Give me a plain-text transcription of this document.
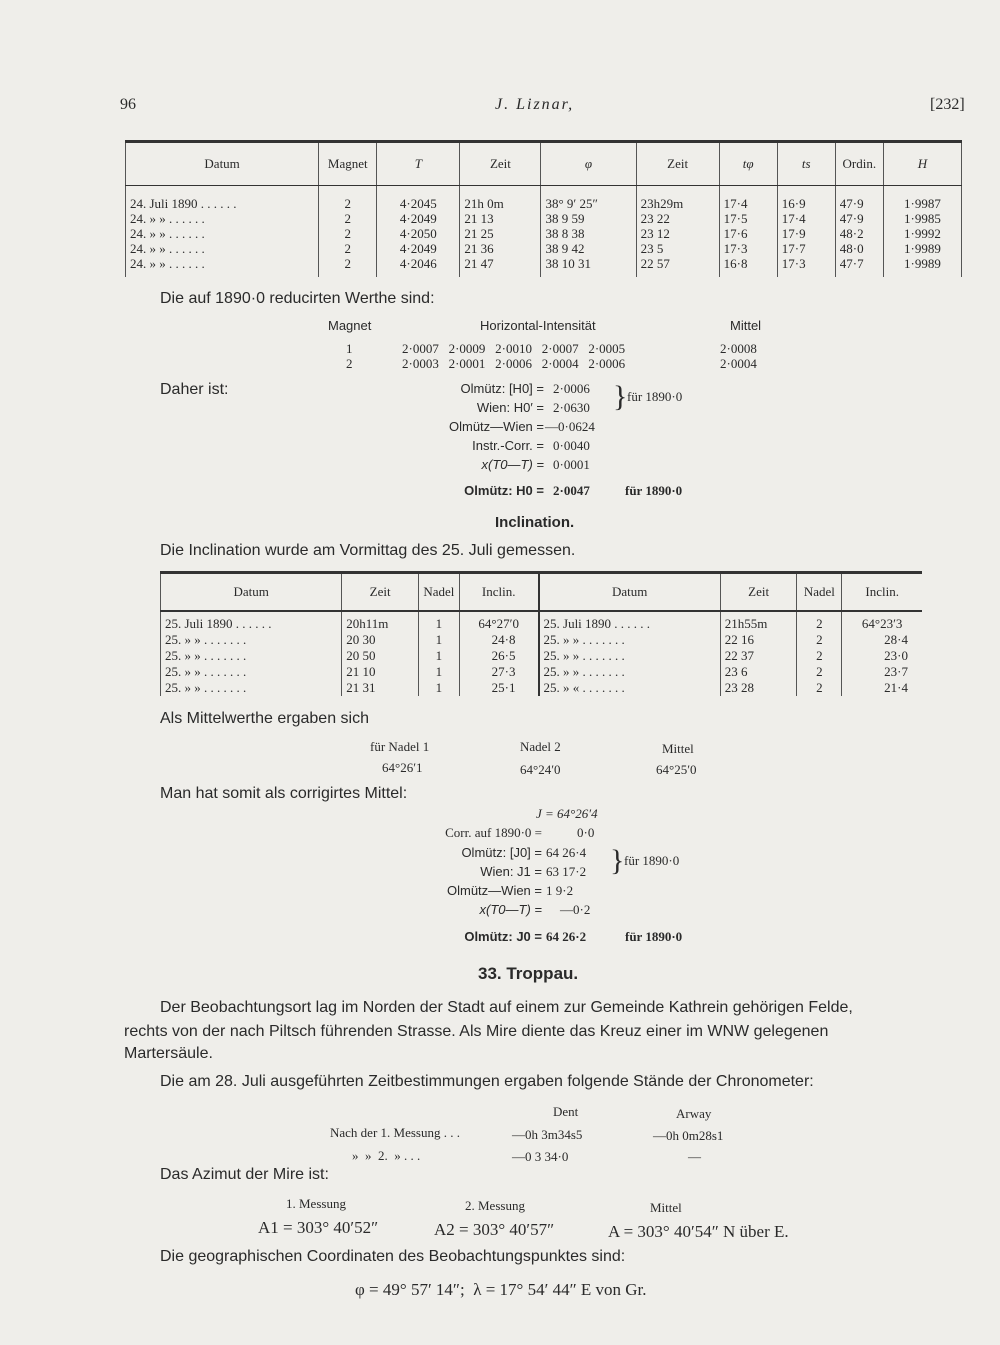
96	J. Liznar,	[232]
Datum	Magnet	T	Zeit	φ	Zeit	tφ	ts	Ordin.	H
24. Juli 1890 . . . . . .	2	4·2045	21h 0m	38° 9′ 25″	23h29m	17·4	16·9	47·9	1·9987
24. » » . . . . . .	2	4·2049	21 13	38 9 59	23 22	17·5	17·4	47·9	1·9985
24. » » . . . . . .	2	4·2050	21 25	38 8 38	23 12	17·6	17·9	48·2	1·9992
24. » » . . . . . .	2	4·2049	21 36	38 9 42	23 5	17·3	17·7	48·0	1·9989
24. » » . . . . . .	2	4·2046	21 47	38 10 31	22 57	16·8	17·3	47·7	1·9989
Die auf 1890·0 reducirten Werthe sind:
Magnet	Horizontal-Intensität	Mittel
1	2·0007   2·0009   2·0010   2·0007   2·0005	2·0008
2	2·0003   2·0001   2·0006   2·0004   2·0006	2·0004
Daher ist:	Olmütz: [H0] = 2·0006
Wien: H0′ = 2·0630 } für 1890·0
Olmütz—Wien = —0·0624
Instr.-Corr. = 0·0040
x(T0—T) = 0·0001
Olmütz: H0 = 2·0047	für 1890·0
Inclination.
Die Inclination wurde am Vormittag des 25. Juli gemessen.
Datum	Zeit	Nadel	Inclin.	Datum	Zeit	Nadel	Inclin.
25. Juli 1890 . . . . . .	20h11m	1	64°27′0	25. Juli 1890 . . . . . .	21h55m	2	64°23′3
25. » » . . . . . . .	20 30	1	24·8	25. » » . . . . . . .	22 16	2	28·4
25. » » . . . . . . .	20 50	1	26·5	25. » » . . . . . . .	22 37	2	23·0
25. » » . . . . . . .	21 10	1	27·3	25. » » . . . . . . .	23 6	2	23·7
25. » » . . . . . . .	21 31	1	25·1	25. » « . . . . . . .	23 28	2	21·4
Als Mittelwerthe ergaben sich
für Nadel 1	Nadel 2	Mittel
64°26′1	64°24′0	64°25′0
Man hat somit als corrigirtes Mittel:
J = 64°26′4
Corr. auf 1890·0 =	0·0
Olmütz: [J0] = 64 26·4
Wien: J1 = 63 17·2 } für 1890·0
Olmütz—Wien = 1 9·2
x(T0—T) = —0·2
Olmütz: J0 = 64 26·2	für 1890·0
33. Troppau.
Der Beobachtungsort lag im Norden der Stadt auf einem zur Gemeinde Kathrein gehörigen Felde,
rechts von der nach Piltsch führenden Strasse. Als Mire diente das Kreuz einer im WNW gelegenen
Martersäule.
Die am 28. Juli ausgeführten Zeitbestimmungen ergaben folgende Stände der Chronometer:
Dent	Arway
Nach der 1. Messung . . .	—0h 3m34s5	—0h 0m28s1
»  »  2.  » . . .	—0 3 34·0	—
Das Azimut der Mire ist:
1. Messung	2. Messung	Mittel
A1 = 303° 40′52″	A2 = 303° 40′57″	A = 303° 40′54″ N über E.
Die geographischen Coordinaten des Beobachtungspunktes sind:
φ = 49° 57′ 14″;  λ = 17° 54′ 44″ E von Gr.
